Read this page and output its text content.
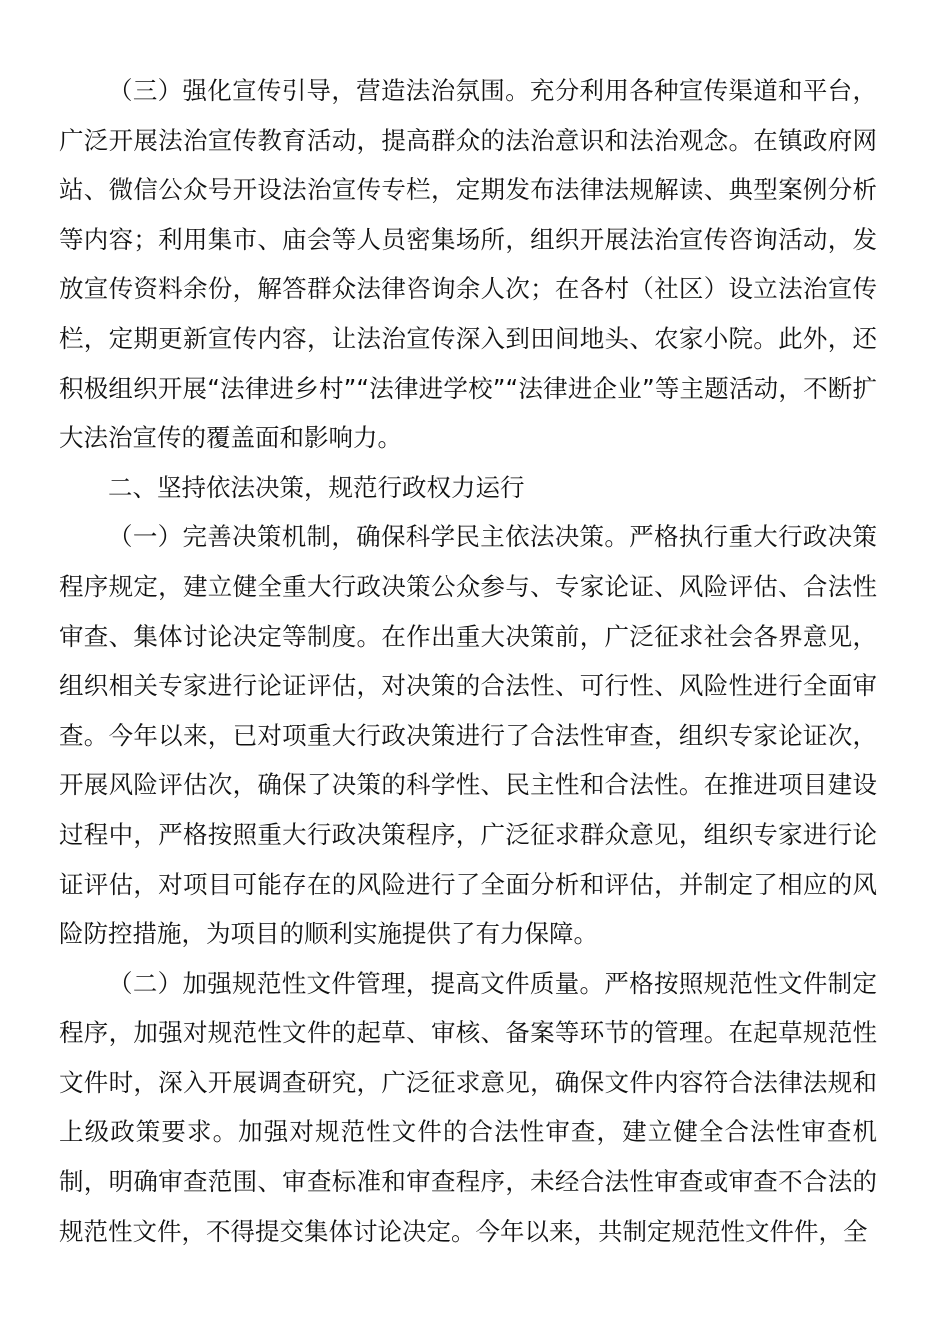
（三）强化宣传引导，营造法治氛围。充分利用各种宣传渠道和平台，广泛开展法治宣传教育活动，提高群众的法治意识和法治观念。在镇政府网站、微信公众号开设法治宣传专栏，定期发布法律法规解读、典型案例分析等内容；利用集市、庙会等人员密集场所，组织开展法治宣传咨询活动，发放宣传资料余份，解答群众法律咨询余人次；在各村（社区）设立法治宣传栏，定期更新宣传内容，让法治宣传深入到田间地头、农家小院。此外，还积极组织开展“法律进乡村”“法律进学校”“法律进企业”等主题活动，不断扩大法治宣传的覆盖面和影响力。

二、坚持依法决策，规范行政权力运行

（一）完善决策机制，确保科学民主依法决策。严格执行重大行政决策程序规定，建立健全重大行政决策公众参与、专家论证、风险评估、合法性审查、集体讨论决定等制度。在作出重大决策前，广泛征求社会各界意见，组织相关专家进行论证评估，对决策的合法性、可行性、风险性进行全面审查。今年以来，已对项重大行政决策进行了合法性审查，组织专家论证次，开展风险评估次，确保了决策的科学性、民主性和合法性。在推进项目建设过程中，严格按照重大行政决策程序，广泛征求群众意见，组织专家进行论证评估，对项目可能存在的风险进行了全面分析和评估，并制定了相应的风险防控措施，为项目的顺利实施提供了有力保障。

（二）加强规范性文件管理，提高文件质量。严格按照规范性文件制定程序，加强对规范性文件的起草、审核、备案等环节的管理。在起草规范性文件时，深入开展调查研究，广泛征求意见，确保文件内容符合法律法规和上级政策要求。加强对规范性文件的合法性审查，建立健全合法性审查机制，明确审查范围、审查标准和审查程序，未经合法性审查或审查不合法的规范性文件，不得提交集体讨论决定。今年以来，共制定规范性文件件，全
